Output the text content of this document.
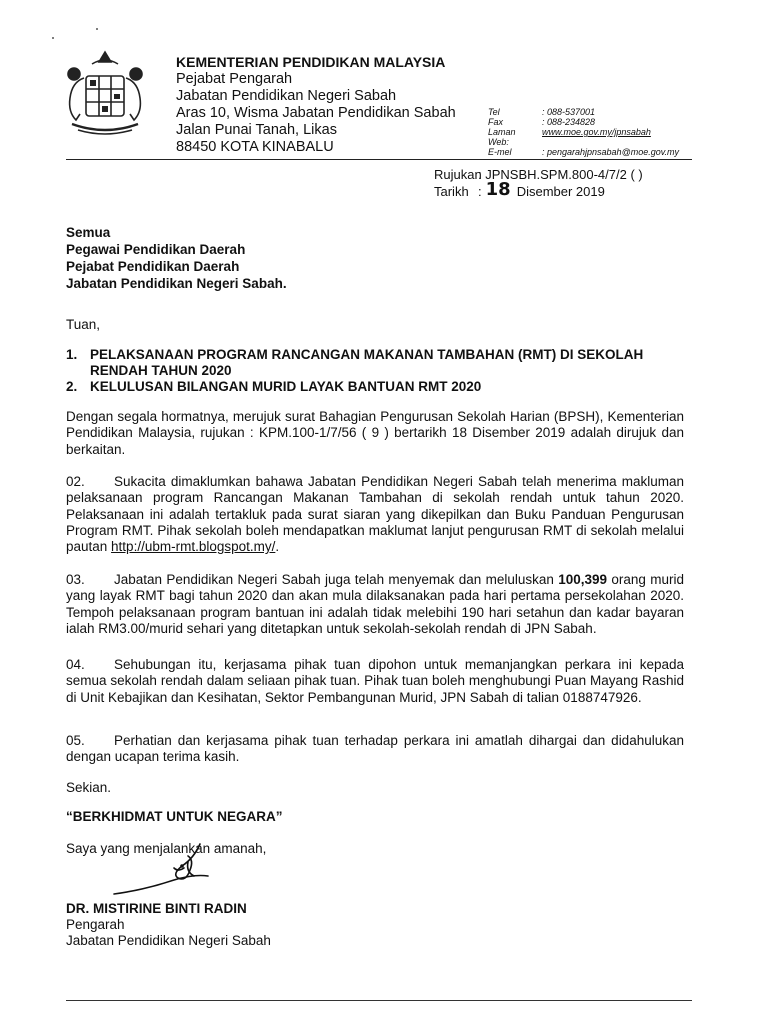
KEMENTERIAN PENDIDIKAN MALAYSIA
Pejabat Pengarah
Jabatan Pendidikan Negeri Sabah
Aras 10, Wisma Jabatan Pendidikan Sabah
Jalan Punai Tanah, Likas
88450 KOTA KINABALU
Tel	: 088-537001
Fax	: 088-234828
Laman Web:
www.moe.gov.my/jpnsabah
E-mel	: pengarahjpnsabah@moe.gov.my
Rujukan
: JPNSBH.SPM.800-4/7/2 ( )
Tarikh : 18 Disember 2019
Semua
Pegawai Pendidikan Daerah
Pejabat Pendidikan Daerah
Jabatan Pendidikan Negeri Sabah.
Tuan,
1. PELAKSANAAN PROGRAM RANCANGAN MAKANAN TAMBAHAN (RMT) DI SEKOLAH RENDAH TAHUN 2020
2. KELULUSAN BILANGAN MURID LAYAK BANTUAN RMT 2020
Dengan segala hormatnya, merujuk surat Bahagian Pengurusan Sekolah Harian (BPSH), Kementerian Pendidikan Malaysia, rujukan : KPM.100-1/7/56 ( 9 ) bertarikh 18 Disember 2019 adalah dirujuk dan berkaitan.
02. Sukacita dimaklumkan bahawa Jabatan Pendidikan Negeri Sabah telah menerima makluman pelaksanaan program Rancangan Makanan Tambahan di sekolah rendah untuk tahun 2020. Pelaksanaan ini adalah tertakluk pada surat siaran yang dikepilkan dan Buku Panduan Pengurusan Program RMT. Pihak sekolah boleh mendapatkan maklumat lanjut pengurusan RMT di sekolah melalui pautan http://ubm-rmt.blogspot.my/.
03. Jabatan Pendidikan Negeri Sabah juga telah menyemak dan meluluskan 100,399 orang murid yang layak RMT bagi tahun 2020 dan akan mula dilaksanakan pada hari pertama persekolahan 2020. Tempoh pelaksanaan program bantuan ini adalah tidak melebihi 190 hari setahun dan kadar bayaran ialah RM3.00/murid sehari yang ditetapkan untuk sekolah-sekolah rendah di JPN Sabah.
04. Sehubungan itu, kerjasama pihak tuan dipohon untuk memanjangkan perkara ini kepada semua sekolah rendah dalam seliaan pihak tuan. Pihak tuan boleh menghubungi Puan Mayang Rashid di Unit Kebajikan dan Kesihatan, Sektor Pembangunan Murid, JPN Sabah di talian 0188747926.
05. Perhatian dan kerjasama pihak tuan terhadap perkara ini amatlah dihargai dan didahulukan dengan ucapan terima kasih.
Sekian.
“BERKHIDMAT UNTUK NEGARA”
Saya yang menjalankan amanah,
DR. MISTIRINE BINTI RADIN
Pengarah
Jabatan Pendidikan Negeri Sabah
